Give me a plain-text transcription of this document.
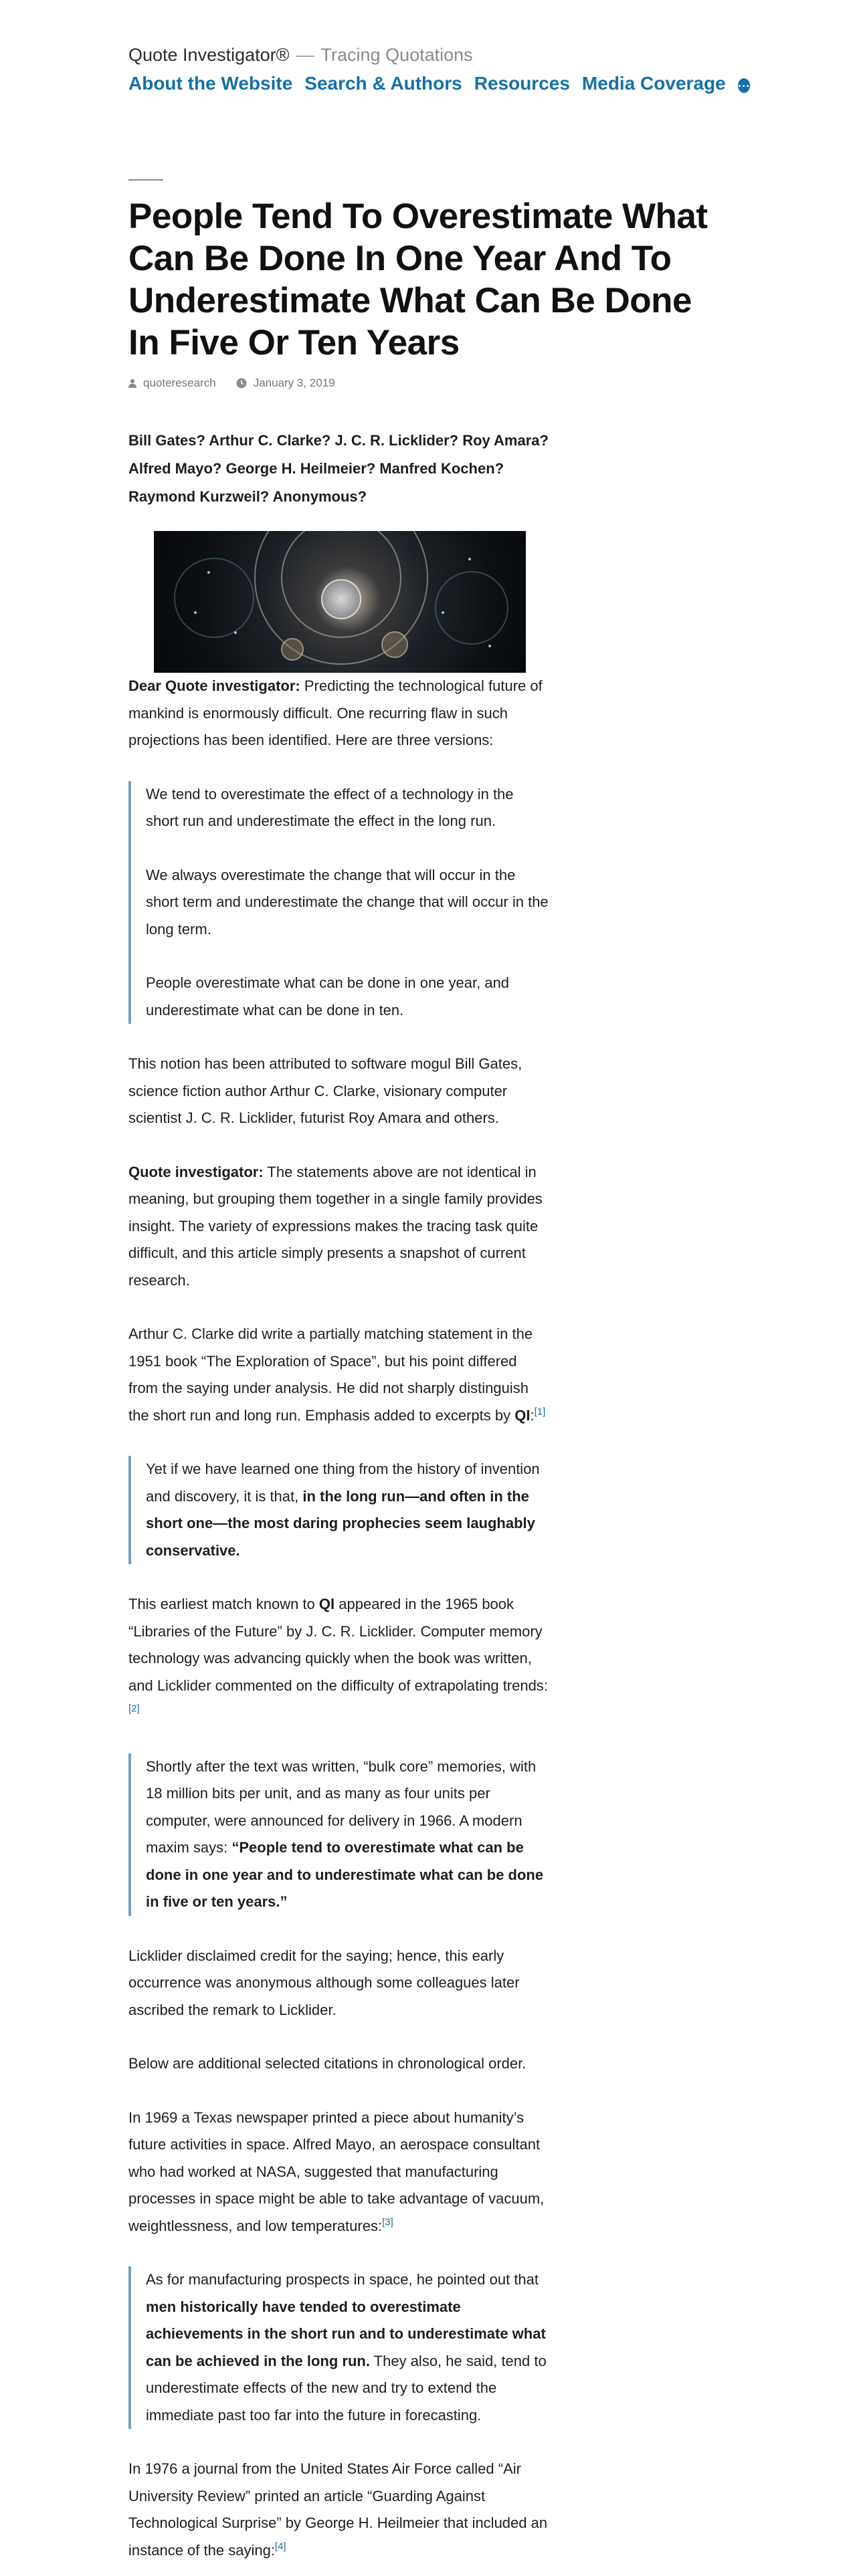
Quote Investigator® — Tracing Quotations
About the Website Search & Authors Resources Media Coverage
People Tend To Overestimate What Can Be Done In One Year And To Underestimate What Can Be Done In Five Or Ten Years
quoteresearch	January 3, 2019

Bill Gates? Arthur C. Clarke? J. C. R. Licklider? Roy Amara? Alfred Mayo? George H. Heilmeier? Manfred Kochen? Raymond Kurzweil? Anonymous?

Dear Quote investigator: Predicting the technological future of mankind is enormously difficult. One recurring flaw in such projections has been identified. Here are three versions:

We tend to overestimate the effect of a technology in the short run and underestimate the effect in the long run.

We always overestimate the change that will occur in the short term and underestimate the change that will occur in the long term.

People overestimate what can be done in one year, and underestimate what can be done in ten.

This notion has been attributed to software mogul Bill Gates, science fiction author Arthur C. Clarke, visionary computer scientist J. C. R. Licklider, futurist Roy Amara and others.

Quote investigator: The statements above are not identical in meaning, but grouping them together in a single family provides insight. The variety of expressions makes the tracing task quite difficult, and this article simply presents a snapshot of current research.

Arthur C. Clarke did write a partially matching statement in the 1951 book “The Exploration of Space”, but his point differed from the saying under analysis. He did not sharply distinguish the short run and long run. Emphasis added to excerpts by QI:[1]

Yet if we have learned one thing from the history of invention and discovery, it is that, in the long run—and often in the short one—the most daring prophecies seem laughably conservative.

This earliest match known to QI appeared in the 1965 book “Libraries of the Future” by J. C. R. Licklider. Computer memory technology was advancing quickly when the book was written, and Licklider commented on the difficulty of extrapolating trends:[2]

Shortly after the text was written, “bulk core” memories, with 18 million bits per unit, and as many as four units per computer, were announced for delivery in 1966. A modern maxim says: “People tend to overestimate what can be done in one year and to underestimate what can be done in five or ten years.”

Licklider disclaimed credit for the saying; hence, this early occurrence was anonymous although some colleagues later ascribed the remark to Licklider.

Below are additional selected citations in chronological order.

In 1969 a Texas newspaper printed a piece about humanity’s future activities in space. Alfred Mayo, an aerospace consultant who had worked at NASA, suggested that manufacturing processes in space might be able to take advantage of vacuum, weightlessness, and low temperatures:[3]

As for manufacturing prospects in space, he pointed out that men historically have tended to overestimate achievements in the short run and to underestimate what can be achieved in the long run. They also, he said, tend to underestimate effects of the new and try to extend the immediate past too far into the future in forecasting.

In 1976 a journal from the United States Air Force called “Air University Review” printed an article “Guarding Against Technological Surprise” by George H. Heilmeier that included an instance of the saying:[4]
